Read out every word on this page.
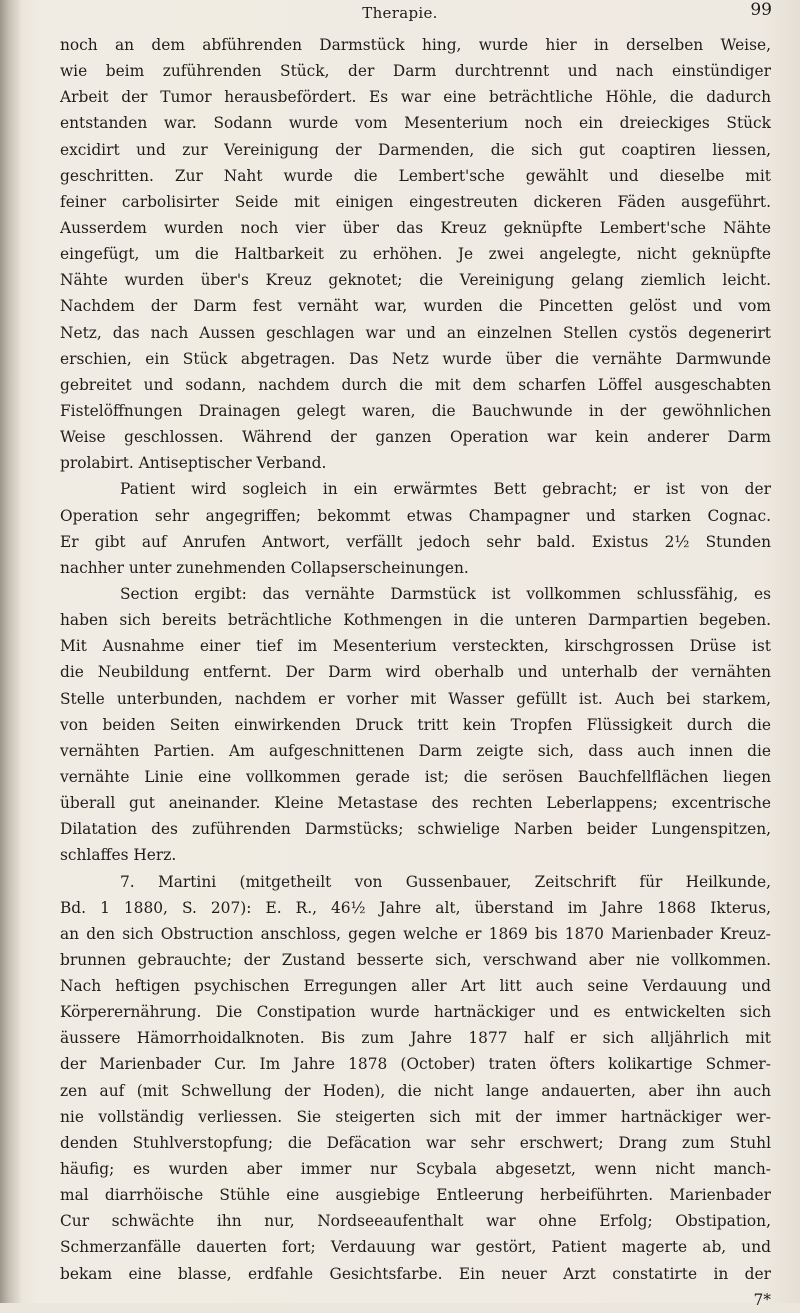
Therapie.	99
noch an dem abführenden Darmstück hing, wurde hier in derselben Weise,
wie beim zuführenden Stück, der Darm durchtrennt und nach einstündiger
Arbeit der Tumor herausbefördert. Es war eine beträchtliche Höhle, die dadurch
entstanden war. Sodann wurde vom Mesenterium noch ein dreieckiges Stück
excidirt und zur Vereinigung der Darmenden, die sich gut coaptiren liessen,
geschritten. Zur Naht wurde die Lembert'sche gewählt und dieselbe mit
feiner carbolisirter Seide mit einigen eingestreuten dickeren Fäden ausgeführt.
Ausserdem wurden noch vier über das Kreuz geknüpfte Lembert'sche Nähte
eingefügt, um die Haltbarkeit zu erhöhen. Je zwei angelegte, nicht geknüpfte
Nähte wurden über's Kreuz geknotet; die Vereinigung gelang ziemlich leicht.
Nachdem der Darm fest vernäht war, wurden die Pincetten gelöst und vom
Netz, das nach Aussen geschlagen war und an einzelnen Stellen cystös degenerirt
erschien, ein Stück abgetragen. Das Netz wurde über die vernähte Darmwunde
gebreitet und sodann, nachdem durch die mit dem scharfen Löffel ausgeschabten
Fistelöffnungen Drainagen gelegt waren, die Bauchwunde in der gewöhnlichen
Weise geschlossen. Während der ganzen Operation war kein anderer Darm
prolabirt. Antiseptischer Verband.
Patient wird sogleich in ein erwärmtes Bett gebracht; er ist von der
Operation sehr angegriffen; bekommt etwas Champagner und starken Cognac.
Er gibt auf Anrufen Antwort, verfällt jedoch sehr bald. Existus 2½ Stunden
nachher unter zunehmenden Collapserscheinungen.
Section ergibt: das vernähte Darmstück ist vollkommen schlussfähig, es
haben sich bereits beträchtliche Kothmengen in die unteren Darmpartien begeben.
Mit Ausnahme einer tief im Mesenterium versteckten, kirschgrossen Drüse ist
die Neubildung entfernt. Der Darm wird oberhalb und unterhalb der vernähten
Stelle unterbunden, nachdem er vorher mit Wasser gefüllt ist. Auch bei starkem,
von beiden Seiten einwirkenden Druck tritt kein Tropfen Flüssigkeit durch die
vernähten Partien. Am aufgeschnittenen Darm zeigte sich, dass auch innen die
vernähte Linie eine vollkommen gerade ist; die serösen Bauchfellflächen liegen
überall gut aneinander. Kleine Metastase des rechten Leberlappens; excentrische
Dilatation des zuführenden Darmstücks; schwielige Narben beider Lungenspitzen,
schlaffes Herz.
7. Martini (mitgetheilt von Gussenbauer, Zeitschrift für Heilkunde,
Bd. 1 1880, S. 207): E. R., 46½ Jahre alt, überstand im Jahre 1868 Ikterus,
an den sich Obstruction anschloss, gegen welche er 1869 bis 1870 Marienbader Kreuz-
brunnen gebrauchte; der Zustand besserte sich, verschwand aber nie vollkommen.
Nach heftigen psychischen Erregungen aller Art litt auch seine Verdauung und
Körperernährung. Die Constipation wurde hartnäckiger und es entwickelten sich
äussere Hämorrhoidalknoten. Bis zum Jahre 1877 half er sich alljährlich mit
der Marienbader Cur. Im Jahre 1878 (October) traten öfters kolikartige Schmer-
zen auf (mit Schwellung der Hoden), die nicht lange andauerten, aber ihn auch
nie vollständig verliessen. Sie steigerten sich mit der immer hartnäckiger wer-
denden Stuhlverstopfung; die Defäcation war sehr erschwert; Drang zum Stuhl
häufig; es wurden aber immer nur Scybala abgesetzt, wenn nicht manch-
mal diarrhöische Stühle eine ausgiebige Entleerung herbeiführten. Marienbader
Cur schwächte ihn nur, Nordseeaufenthalt war ohne Erfolg; Obstipation,
Schmerzanfälle dauerten fort; Verdauung war gestört, Patient magerte ab, und
bekam eine blasse, erdfahle Gesichtsfarbe. Ein neuer Arzt constatirte in der
7*
